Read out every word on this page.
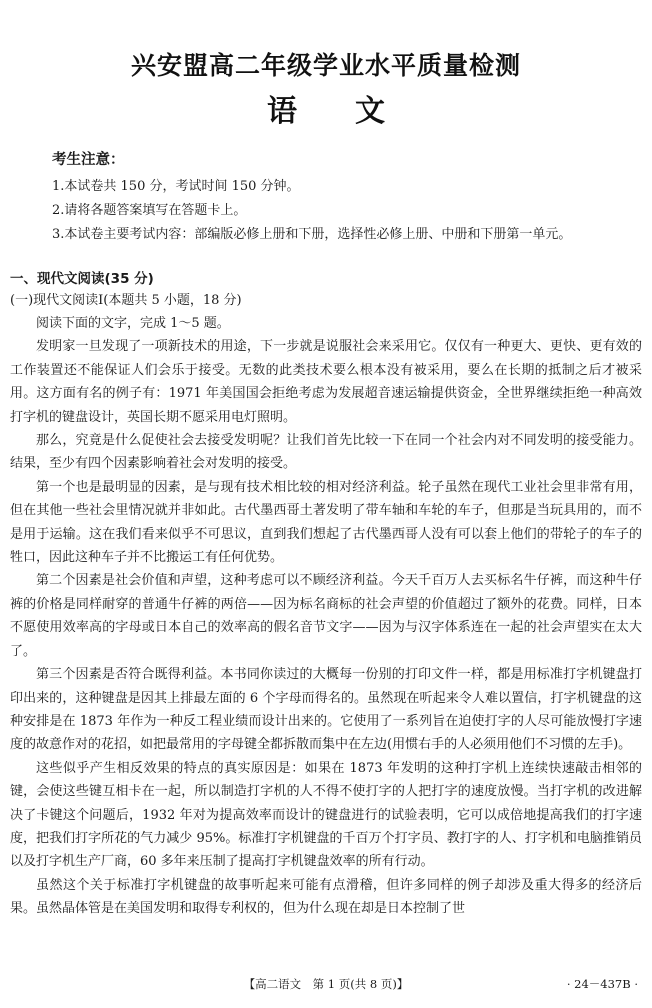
兴安盟高二年级学业水平质量检测
语文
考生注意：
1.本试卷共 150 分，考试时间 150 分钟。
2.请将各题答案填写在答题卡上。
3.本试卷主要考试内容：部编版必修上册和下册，选择性必修上册、中册和下册第一单元。
一、现代文阅读(35 分)
(一)现代文阅读Ⅰ(本题共 5 小题，18 分)

阅读下面的文字，完成 1～5 题。

发明家一旦发现了一项新技术的用途，下一步就是说服社会来采用它。仅仅有一种更大、更快、更有效的工作装置还不能保证人们会乐于接受。无数的此类技术要么根本没有被采用，要么在长期的抵制之后才被采用。这方面有名的例子有：1971 年美国国会拒绝考虑为发展超音速运输提供资金，全世界继续拒绝一种高效打字机的键盘设计，英国长期不愿采用电灯照明。

那么，究竟是什么促使社会去接受发明呢？让我们首先比较一下在同一个社会内对不同发明的接受能力。结果，至少有四个因素影响着社会对发明的接受。

第一个也是最明显的因素，是与现有技术相比较的相对经济利益。轮子虽然在现代工业社会里非常有用，但在其他一些社会里情况就并非如此。古代墨西哥土著发明了带车轴和车轮的车子，但那是当玩具用的，而不是用于运输。这在我们看来似乎不可思议，直到我们想起了古代墨西哥人没有可以套上他们的带轮子的车子的牲口，因此这种车子并不比搬运工有任何优势。

第二个因素是社会价值和声望，这种考虑可以不顾经济利益。今天千百万人去买标名牛仔裤，而这种牛仔裤的价格是同样耐穿的普通牛仔裤的两倍——因为标名商标的社会声望的价值超过了额外的花费。同样，日本不愿使用效率高的字母或日本自己的效率高的假名音节文字——因为与汉字体系连在一起的社会声望实在太大了。

第三个因素是否符合既得利益。本书同你读过的大概每一份别的打印文件一样，都是用标准打字机键盘打印出来的，这种键盘是因其上排最左面的 6 个字母而得名的。虽然现在听起来令人难以置信，打字机键盘的这种安排是在 1873 年作为一种反工程业绩而设计出来的。它使用了一系列旨在迫使打字的人尽可能放慢打字速度的故意作对的花招，如把最常用的字母键全都拆散而集中在左边(用惯右手的人必须用他们不习惯的左手)。

这些似乎产生相反效果的特点的真实原因是：如果在 1873 年发明的这种打字机上连续快速敲击相邻的键，会使这些键互相卡在一起，所以制造打字机的人不得不使打字的人把打字的速度放慢。当打字机的改进解决了卡键这个问题后，1932 年对为提高效率而设计的键盘进行的试验表明，它可以成倍地提高我们的打字速度，把我们打字所花的气力减少 95%。标准打字机键盘的千百万个打字员、教打字的人、打字机和电脑推销员以及打字机生产厂商，60 多年来压制了提高打字机键盘效率的所有行动。

虽然这个关于标准打字机键盘的故事听起来可能有点滑稽，但许多同样的例子却涉及重大得多的经济后果。虽然晶体管是在美国发明和取得专利权的，但为什么现在却是日本控制了世

【高二语文　第 1 页(共 8 页)】	· 24－437B ·
